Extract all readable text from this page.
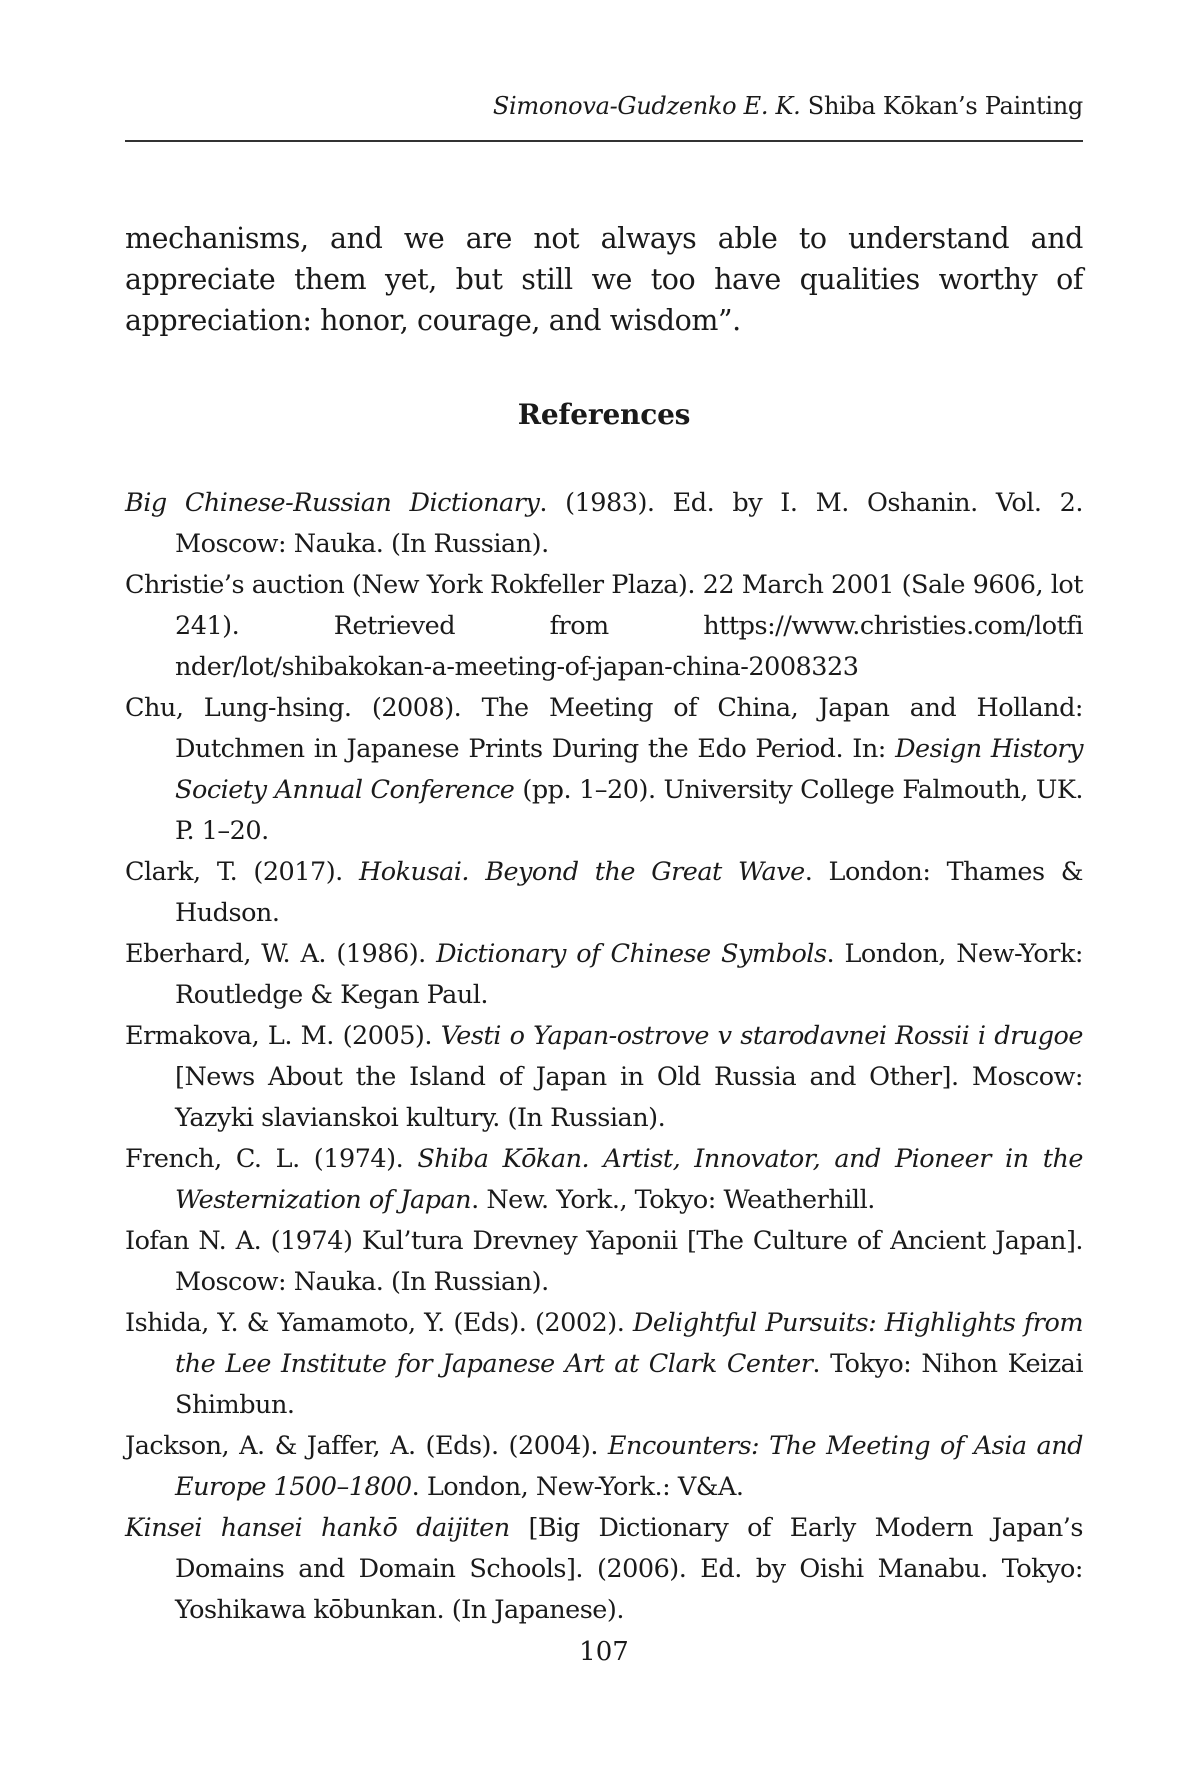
Simonova-Gudzenko E. K. Shiba Kōkan’s Painting

mechanisms, and we are not always able to understand and appreciate them yet, but still we too have qualities worthy of appreciation: honor, courage, and wisdom”.

References
Big Chinese-Russian Dictionary. (1983). Ed. by I. M. Oshanin. Vol. 2. Moscow: Nauka. (In Russian).
Christie’s auction (New York Rokfeller Plaza). 22 March 2001 (Sale 9606, lot 241). Retrieved from https://www.christies.com/lotfi nder/lot/shibakokan-a-meeting-of-japan-china-2008323
Chu, Lung-hsing. (2008). The Meeting of China, Japan and Holland: Dutchmen in Japanese Prints During the Edo Period. In: Design History Society Annual Conference (pp. 1–20). University College Falmouth, UK. P. 1–20.
Clark, T. (2017). Hokusai. Beyond the Great Wave. London: Thames & Hudson.
Eberhard, W. A. (1986). Dictionary of Chinese Symbols. London, New-York: Routledge & Kegan Paul.
Ermakova, L. M. (2005). Vesti o Yapan-ostrove v starodavnei Rossii i drugoe [News About the Island of Japan in Old Russia and Other]. Moscow: Yazyki slavianskoi kultury. (In Russian).
French, C. L. (1974). Shiba Kōkan. Artist, Innovator, and Pioneer in the Westernization of Japan. New. York., Tokyo: Weatherhill.
Iofan N. A. (1974) Kul’tura Drevney Yaponii [The Culture of Ancient Japan]. Moscow: Nauka. (In Russian).
Ishida, Y. & Yamamoto, Y. (Eds). (2002). Delightful Pursuits: Highlights from the Lee Institute for Japanese Art at Clark Center. Tokyo: Nihon Keizai Shimbun.
Jackson, A. & Jaffer, A. (Eds). (2004). Encounters: The Meeting of Asia and Europe 1500–1800. London, New-York.: V&A.
Kinsei hansei hankō daijiten [Big Dictionary of Early Modern Japan’s Domains and Domain Schools]. (2006). Ed. by Oishi Manabu. Tokyo: Yoshikawa kōbunkan. (In Japanese).
107
